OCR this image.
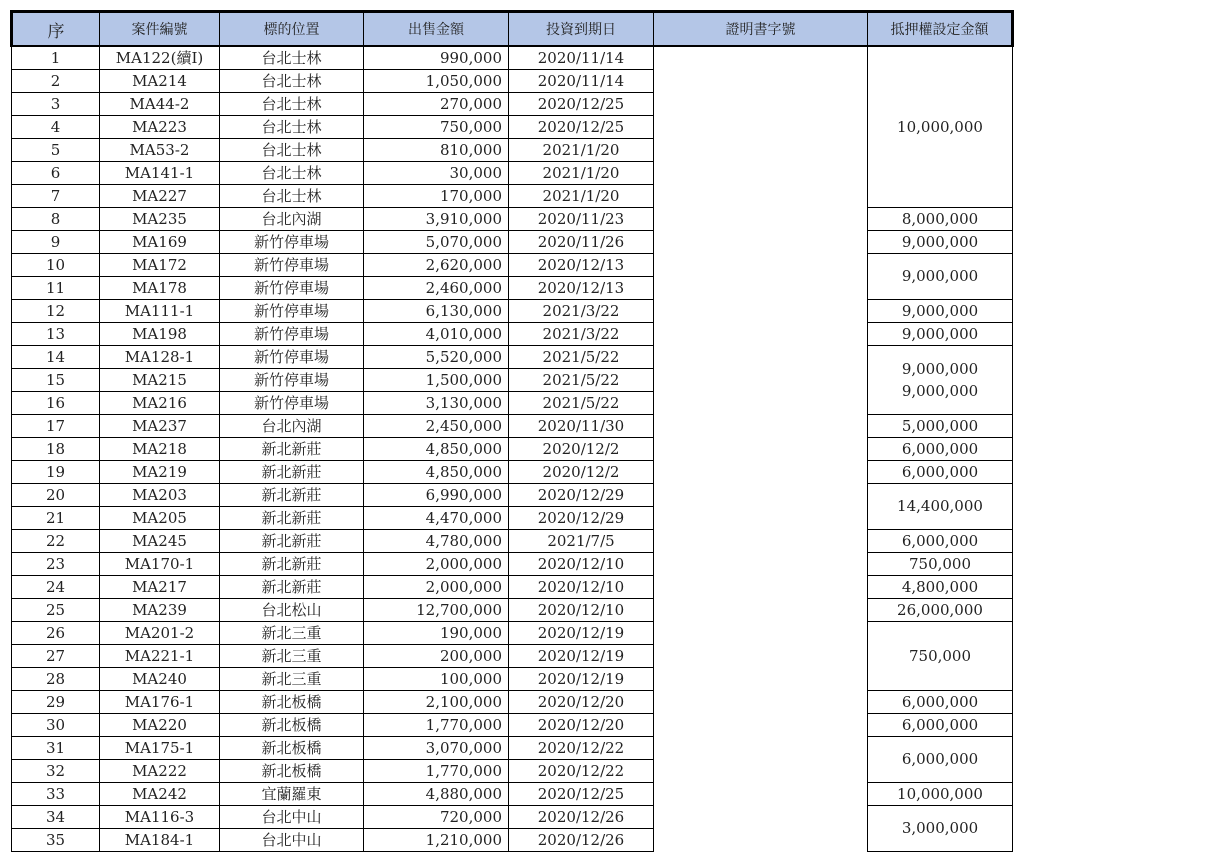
序	案件編號	標的位置	出售金額	投資到期日	證明書字號	抵押權設定金額
1	MA122(續I)	台北士林	990,000	2020/11/14		10,000,000

2	MA214	台北士林	1,050,000	2020/11/14		
3	MA44-2	台北士林	270,000	2020/12/25		
4	MA223	台北士林	750,000	2020/12/25		
5	MA53-2	台北士林	810,000	2021/1/20		
6	MA141-1	台北士林	30,000	2021/1/20		
7	MA227	台北士林	170,000	2021/1/20		
8	MA235	台北內湖	3,910,000	2020/11/23		8,000,000

9	MA169	新竹停車場	5,070,000	2020/11/26		9,000,000

10	MA172	新竹停車場	2,620,000	2020/12/13		9,000,000

11	MA178	新竹停車場	2,460,000	2020/12/13		
12	MA111-1	新竹停車場	6,130,000	2021/3/22		9,000,000

13	MA198	新竹停車場	4,010,000	2021/3/22		9,000,000

14	MA128-1	新竹停車場	5,520,000	2021/5/22		9,000,000
9,000,000

15	MA215	新竹停車場	1,500,000	2021/5/22		
16	MA216	新竹停車場	3,130,000	2021/5/22		
17	MA237	台北內湖	2,450,000	2020/11/30		5,000,000

18	MA218	新北新莊	4,850,000	2020/12/2		6,000,000

19	MA219	新北新莊	4,850,000	2020/12/2		6,000,000

20	MA203	新北新莊	6,990,000	2020/12/29		14,400,000

21	MA205	新北新莊	4,470,000	2020/12/29		
22	MA245	新北新莊	4,780,000	2021/7/5		6,000,000

23	MA170-1	新北新莊	2,000,000	2020/12/10		750,000

24	MA217	新北新莊	2,000,000	2020/12/10		4,800,000

25	MA239	台北松山	12,700,000	2020/12/10		26,000,000

26	MA201-2	新北三重	190,000	2020/12/19		750,000

27	MA221-1	新北三重	200,000	2020/12/19		
28	MA240	新北三重	100,000	2020/12/19		
29	MA176-1	新北板橋	2,100,000	2020/12/20		6,000,000

30	MA220	新北板橋	1,770,000	2020/12/20		6,000,000

31	MA175-1	新北板橋	3,070,000	2020/12/22		6,000,000

32	MA222	新北板橋	1,770,000	2020/12/22		
33	MA242	宜蘭羅東	4,880,000	2020/12/25		10,000,000

34	MA116-3	台北中山	720,000	2020/12/26		3,000,000

35	MA184-1	台北中山	1,210,000	2020/12/26		
